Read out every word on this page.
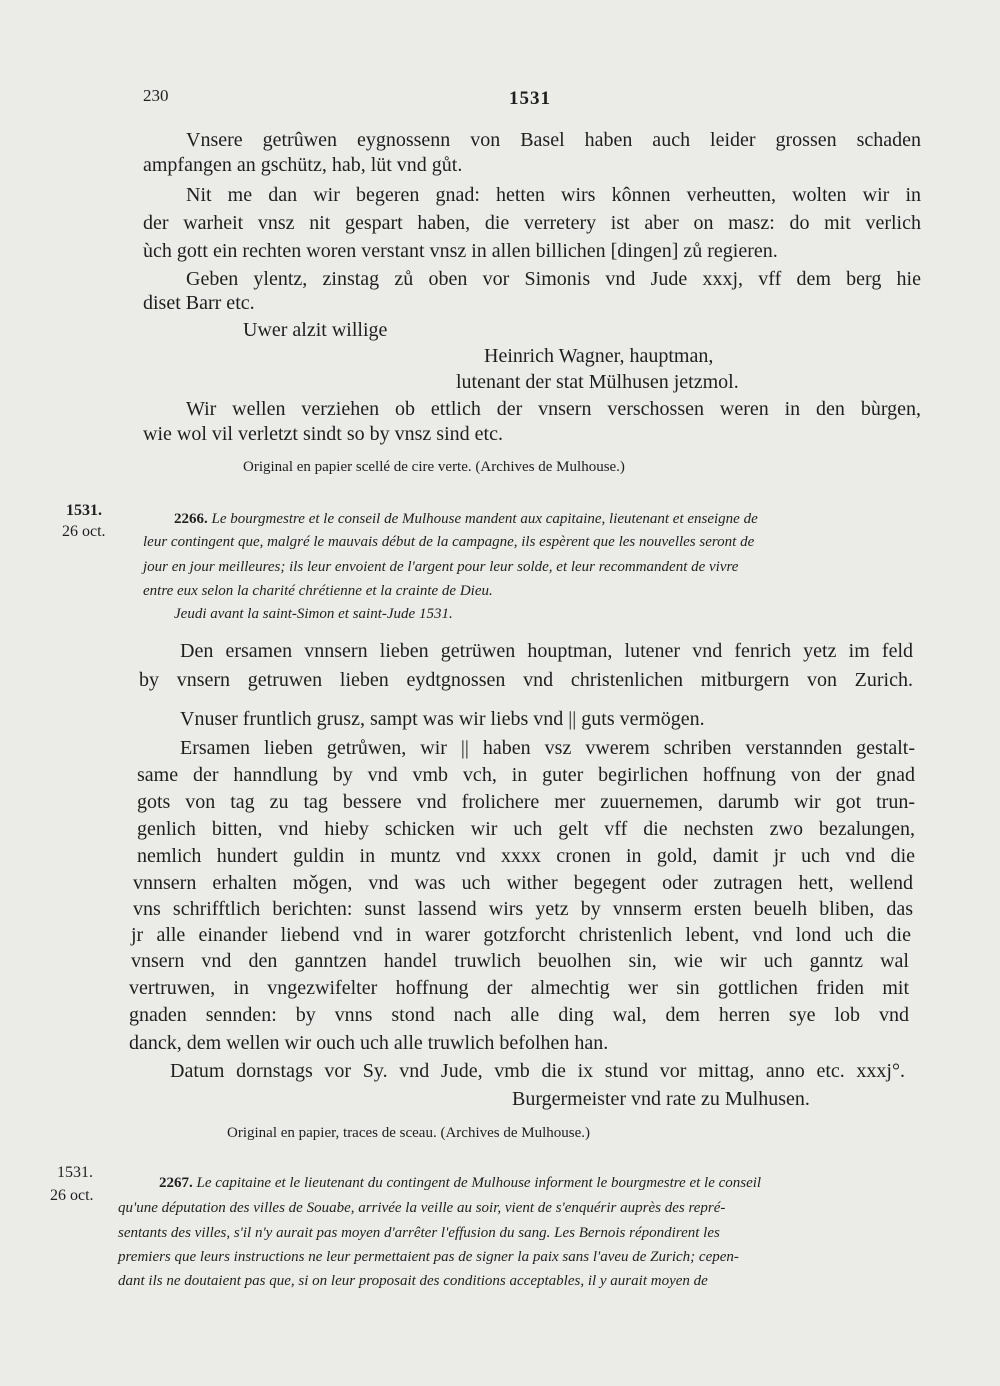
230	1531
Vnsere getrûwen eygnossenn von Basel haben auch leider grossen schaden
ampfangen an gschütz, hab, lüt vnd gůt.
Nit me dan wir begeren gnad: hetten wirs kônnen verheutten, wolten wir in
der warheit vnsz nit gespart haben, die verretery ist aber on masz: do mit verlich
ùch gott ein rechten woren verstant vnsz in allen billichen [dingen] zů regieren.
Geben ylentz, zinstag zů oben vor Simonis vnd Jude xxxj, vff dem berg hie
diset Barr etc.
Uwer alzit willige
Heinrich Wagner, hauptman,
lutenant der stat Mülhusen jetzmol.
Wir wellen verziehen ob ettlich der vnsern verschossen weren in den bùrgen,
wie wol vil verletzt sindt so by vnsz sind etc.
Original en papier scellé de cire verte. (Archives de Mulhouse.)
1531.
26 oct.
2266. Le bourgmestre et le conseil de Mulhouse mandent aux capitaine, lieutenant et enseigne de
leur contingent que, malgré le mauvais début de la campagne, ils espèrent que les nouvelles seront de
jour en jour meilleures; ils leur envoient de l'argent pour leur solde, et leur recommandent de vivre
entre eux selon la charité chrétienne et la crainte de Dieu.
Jeudi avant la saint-Simon et saint-Jude 1531.
Den ersamen vnnsern lieben getrüwen houptman, lutener vnd fenrich yetz im feld
by vnsern getruwen lieben eydtgnossen vnd christenlichen mitburgern von Zurich.
Vnuser fruntlich grusz, sampt was wir liebs vnd || guts vermögen.
Ersamen lieben getrůwen, wir || haben vsz vwerem schriben verstannden gestalt-
same der hanndlung by vnd vmb vch, in guter begirlichen hoffnung von der gnad
gots von tag zu tag bessere vnd frolichere mer zuuernemen, darumb wir got trun-
genlich bitten, vnd hieby schicken wir uch gelt vff die nechsten zwo bezalungen,
nemlich hundert guldin in muntz vnd xxxx cronen in gold, damit jr uch vnd die
vnnsern erhalten mǒgen, vnd was uch wither begegent oder zutragen hett, wellend
vns schrifftlich berichten: sunst lassend wirs yetz by vnnserm ersten beuelh bliben, das
jr alle einander liebend vnd in warer gotzforcht christenlich lebent, vnd lond uch die
vnsern vnd den ganntzen handel truwlich beuolhen sin, wie wir uch ganntz wal
vertruwen, in vngezwifelter hoffnung der almechtig wer sin gottlichen friden mit
gnaden sennden: by vnns stond nach alle ding wal, dem herren sye lob vnd
danck, dem wellen wir ouch uch alle truwlich befolhen han.
Datum dornstags vor Sy. vnd Jude, vmb die ix stund vor mittag, anno etc. xxxj°.
Burgermeister vnd rate zu Mulhusen.
Original en papier, traces de sceau. (Archives de Mulhouse.)
1531.
26 oct.
2267. Le capitaine et le lieutenant du contingent de Mulhouse informent le bourgmestre et le conseil
qu'une députation des villes de Souabe, arrivée la veille au soir, vient de s'enquérir auprès des repré-
sentants des villes, s'il n'y aurait pas moyen d'arrêter l'effusion du sang. Les Bernois répondirent les
premiers que leurs instructions ne leur permettaient pas de signer la paix sans l'aveu de Zurich; cepen-
dant ils ne doutaient pas que, si on leur proposait des conditions acceptables, il y aurait moyen de
